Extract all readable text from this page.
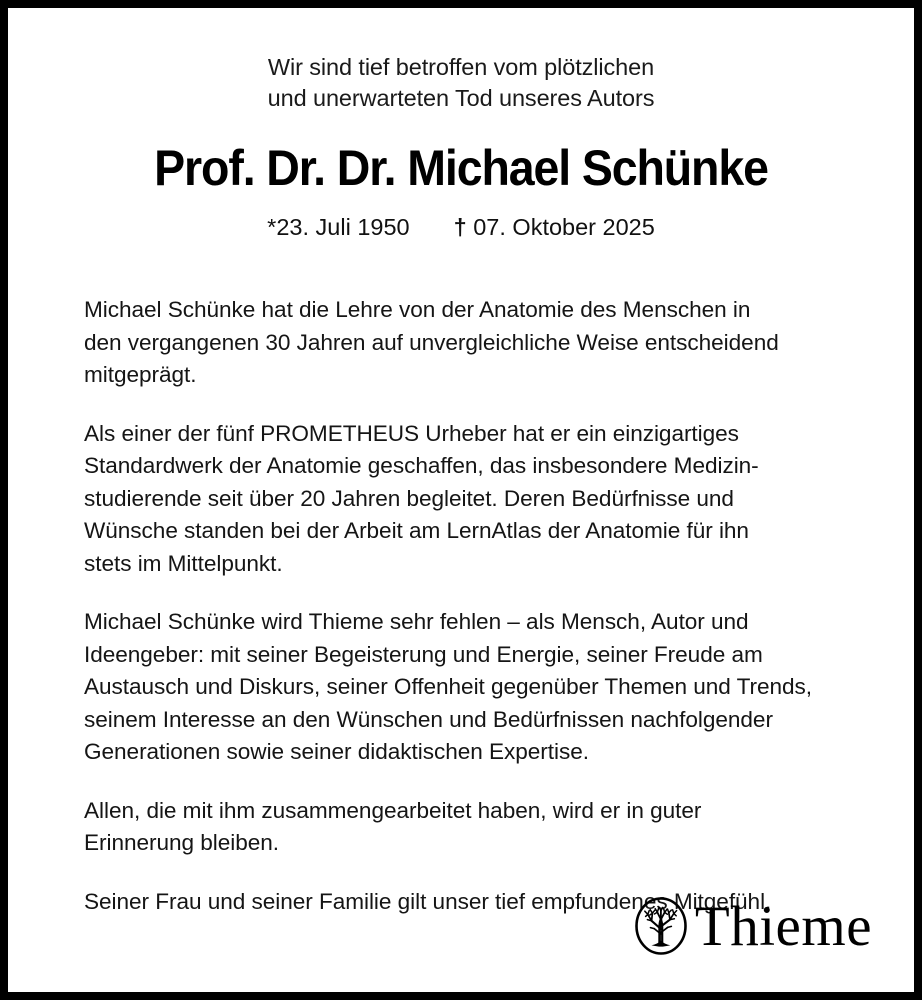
Wir sind tief betroffen vom plötzlichen
und unerwarteten Tod unseres Autors
Prof. Dr. Dr. Michael Schünke
*23. Juli 1950 † 07. Oktober 2025

Michael Schünke hat die Lehre von der Anatomie des Menschen in
den vergangenen 30 Jahren auf unvergleichliche Weise entscheidend
mitgeprägt.

Als einer der fünf PROMETHEUS Urheber hat er ein einzigartiges
Standardwerk der Anatomie geschaffen, das insbesondere Medizin-
studierende seit über 20 Jahren begleitet. Deren Bedürfnisse und
Wünsche standen bei der Arbeit am LernAtlas der Anatomie für ihn
stets im Mittelpunkt.

Michael Schünke wird Thieme sehr fehlen – als Mensch, Autor und
Ideengeber: mit seiner Begeisterung und Energie, seiner Freude am
Austausch und Diskurs, seiner Offenheit gegenüber Themen und Trends,
seinem Interesse an den Wünschen und Bedürfnissen nachfolgender
Generationen sowie seiner didaktischen Expertise.

Allen, die mit ihm zusammengearbeitet haben, wird er in guter
Erinnerung bleiben.

Seiner Frau und seiner Familie gilt unser tief empfundenes Mitgefühl.

Thieme
